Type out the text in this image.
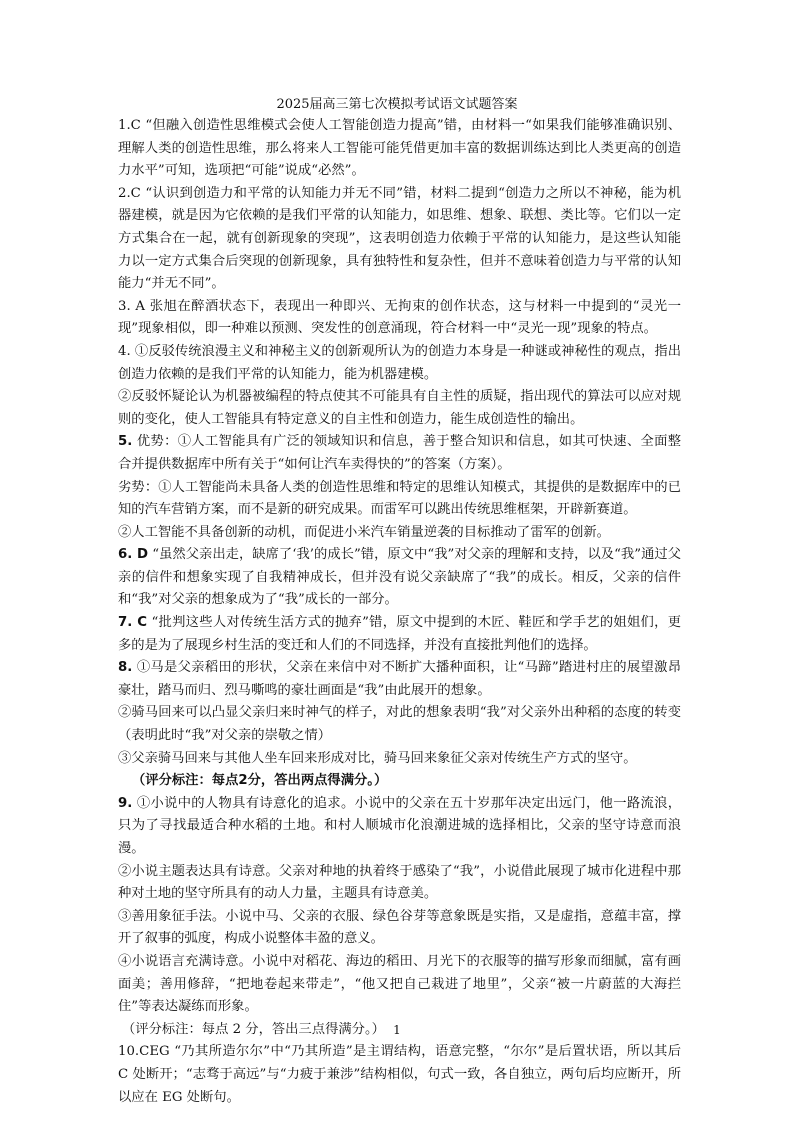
2025届高三第七次模拟考试语文试题答案

1.C “但融入创造性思维模式会使人工智能创造力提高”错，由材料一“如果我们能够准确识别、理解人类的创造性思维，那么将来人工智能可能凭借更加丰富的数据训练达到比人类更高的创造力水平”可知，选项把“可能”说成“必然”。

2.C “认识到创造力和平常的认知能力并无不同”错，材料二提到“创造力之所以不神秘，能为机器建模，就是因为它依赖的是我们平常的认知能力，如思维、想象、联想、类比等。它们以一定方式集合在一起，就有创新现象的突现”，这表明创造力依赖于平常的认知能力，是这些认知能力以一定方式集合后突现的创新现象，具有独特性和复杂性，但并不意味着创造力与平常的认知能力“并无不同”。

3. A 张旭在醉酒状态下，表现出一种即兴、无拘束的创作状态，这与材料一中提到的“灵光一现”现象相似，即一种难以预测、突发性的创意涌现，符合材料一中“灵光一现”现象的特点。

4. ①反驳传统浪漫主义和神秘主义的创新观所认为的创造力本身是一种谜或神秘性的观点，指出创造力依赖的是我们平常的认知能力，能为机器建模。

②反驳怀疑论认为机器被编程的特点使其不可能具有自主性的质疑，指出现代的算法可以应对规则的变化，使人工智能具有特定意义的自主性和创造力，能生成创造性的输出。

5. 优势：①人工智能具有广泛的领域知识和信息，善于整合知识和信息，如其可快速、全面整合并提供数据库中所有关于“如何让汽车卖得快的”的答案（方案）。

劣势：①人工智能尚未具备人类的创造性思维和特定的思维认知模式，其提供的是数据库中的已知的汽车营销方案，而不是新的研究成果。而雷军可以跳出传统思维框架，开辟新赛道。

②人工智能不具备创新的动机，而促进小米汽车销量逆袭的目标推动了雷军的创新。

6. D “虽然父亲出走，缺席了‘我’的成长”错，原文中“我”对父亲的理解和支持，以及“我”通过父亲的信件和想象实现了自我精神成长，但并没有说父亲缺席了“我”的成长。相反，父亲的信件和“我”对父亲的想象成为了“我”成长的一部分。

7. C “批判这些人对传统生活方式的抛弃”错，原文中提到的木匠、鞋匠和学手艺的姐姐们，更多的是为了展现乡村生活的变迁和人们的不同选择，并没有直接批判他们的选择。

8. ①马是父亲稻田的形状，父亲在来信中对不断扩大播种面积，让“马蹄”踏进村庄的展望激昂豪壮，踏马而归、烈马嘶鸣的豪壮画面是“我”由此展开的想象。

②骑马回来可以凸显父亲归来时神气的样子，对此的想象表明“我”对父亲外出种稻的态度的转变（表明此时“我”对父亲的崇敬之情）

③父亲骑马回来与其他人坐车回来形成对比，骑马回来象征父亲对传统生产方式的坚守。

（评分标注：每点2分，答出两点得满分。）

9. ①小说中的人物具有诗意化的追求。小说中的父亲在五十岁那年决定出远门，他一路流浪，只为了寻找最适合种水稻的土地。和村人顺城市化浪潮进城的选择相比，父亲的坚守诗意而浪漫。

②小说主题表达具有诗意。父亲对种地的执着终于感染了“我”，小说借此展现了城市化进程中那种对土地的坚守所具有的动人力量，主题具有诗意美。

③善用象征手法。小说中马、父亲的衣服、绿色谷芽等意象既是实指，又是虚指，意蕴丰富，撑开了叙事的弧度，构成小说整体丰盈的意义。

④小说语言充满诗意。小说中对稻花、海边的稻田、月光下的衣服等的描写形象而细腻，富有画面美；善用修辞，“把地卷起来带走”，“他又把自己栽进了地里”，父亲“被一片蔚蓝的大海拦住”等表达凝练而形象。

（评分标注：每点 2 分，答出三点得满分。）

10.CEG “乃其所造尔尔”中“乃其所造”是主谓结构，语意完整，“尔尔”是后置状语，所以其后 C 处断开；“志骛于高远”与“力疲于兼涉”结构相似，句式一致，各自独立，两句后均应断开，所以应在 EG 处断句。

1
